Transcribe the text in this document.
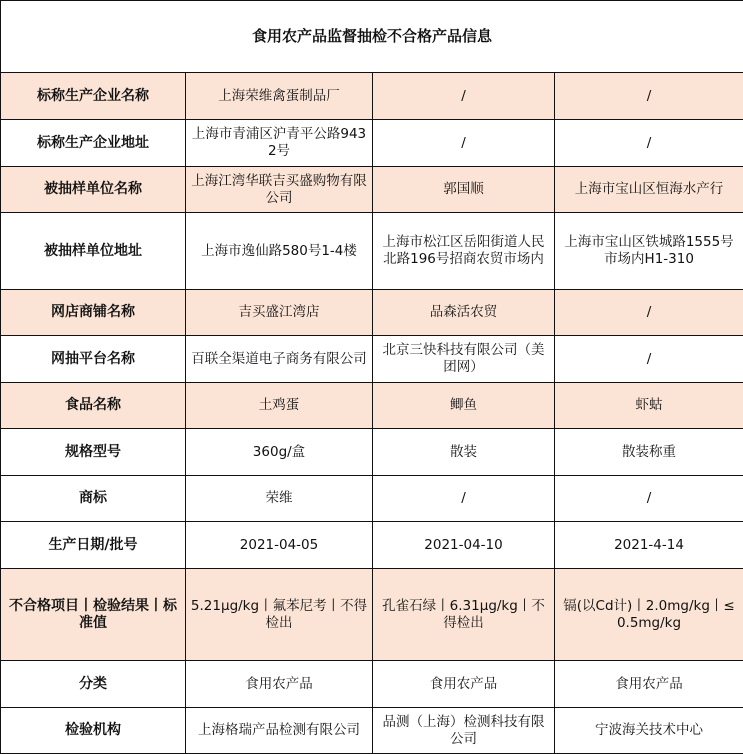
食用农产品监督抽检不合格产品信息			
标称生产企业名称	上海荣维禽蛋制品厂	/	/
标称生产企业地址	上海市青浦区沪青平公路9432号	/	/
被抽样单位名称	上海江湾华联吉买盛购物有限公司	郭国顺	上海市宝山区恒海水产行
被抽样单位地址	上海市逸仙路580号1-4楼	上海市松江区岳阳街道人民北路196号招商农贸市场内	上海市宝山区铁城路1555号市场内H1-310
网店商铺名称	吉买盛江湾店	品森活农贸	/
网抽平台名称	百联全渠道电子商务有限公司	北京三快科技有限公司（美团网）	/
食品名称	土鸡蛋	鲫鱼	虾蛄
规格型号	360g/盒	散装	散装称重
商标	荣维	/	/
生产日期/批号	2021-04-05	2021-04-10	2021-4-14
不合格项目丨检验结果丨标准值	5.21μg/kg丨氟苯尼考丨不得检出	孔雀石绿丨6.31μg/kg丨不得检出	镉(以Cd计)丨2.0mg/kg丨≤0.5mg/kg
分类	食用农产品	食用农产品	食用农产品
检验机构	上海格瑞产品检测有限公司	品测（上海）检测科技有限公司	宁波海关技术中心
